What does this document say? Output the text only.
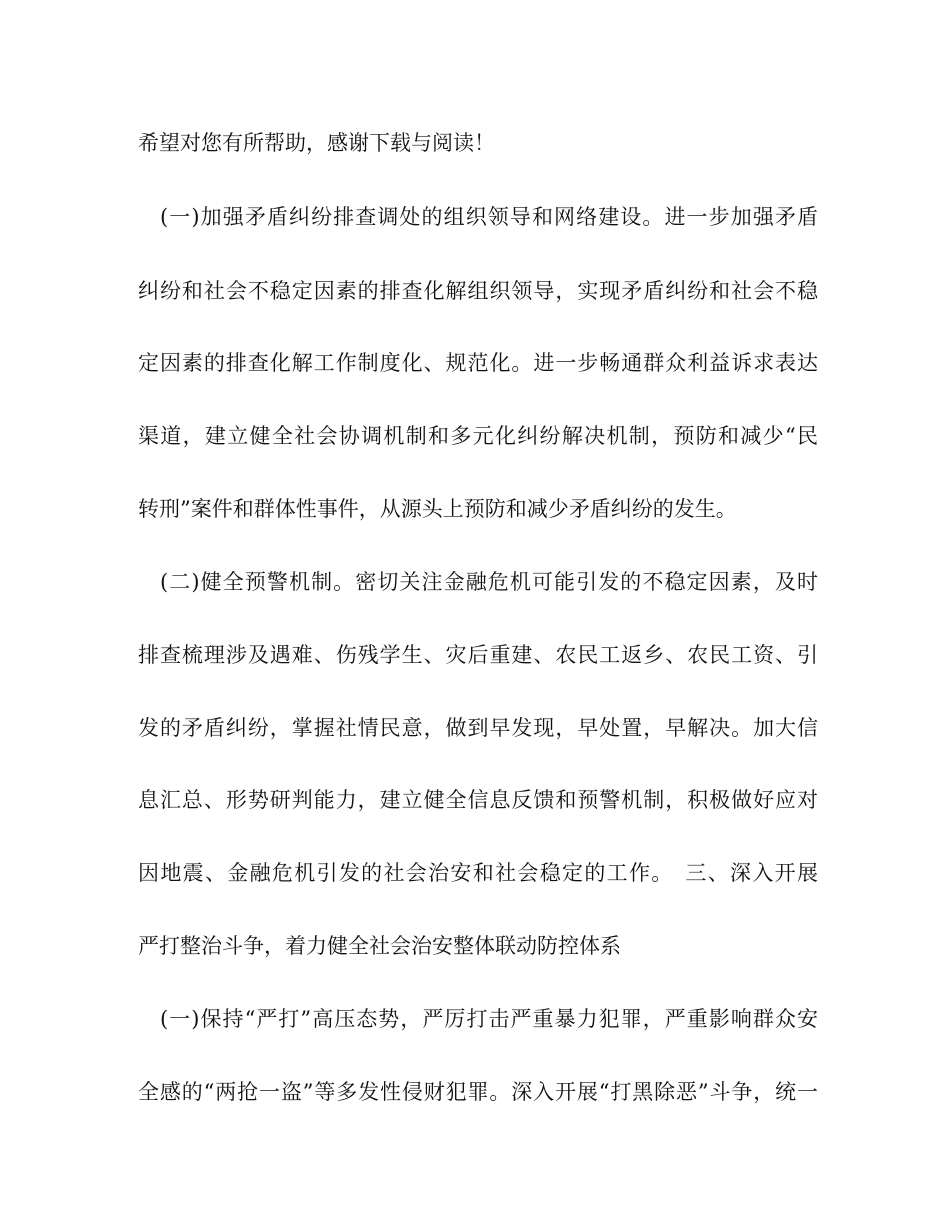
希望对您有所帮助，感谢下载与阅读！
(一)加强矛盾纠纷排查调处的组织领导和网络建设。进一步加强矛盾
纠纷和社会不稳定因素的排查化解组织领导，实现矛盾纠纷和社会不稳
定因素的排查化解工作制度化、规范化。进一步畅通群众利益诉求表达
渠道，建立健全社会协调机制和多元化纠纷解决机制，预防和减少“民
转刑”案件和群体性事件，从源头上预防和减少矛盾纠纷的发生。
(二)健全预警机制。密切关注金融危机可能引发的不稳定因素，及时
排查梳理涉及遇难、伤残学生、灾后重建、农民工返乡、农民工资、引
发的矛盾纠纷，掌握社情民意，做到早发现，早处置，早解决。加大信
息汇总、形势研判能力，建立健全信息反馈和预警机制，积极做好应对
因地震、金融危机引发的社会治安和社会稳定的工作。　三、深入开展
严打整治斗争，着力健全社会治安整体联动防控体系
(一)保持“严打”高压态势，严厉打击严重暴力犯罪，严重影响群众安
全感的“两抢一盗”等多发性侵财犯罪。深入开展“打黑除恶”斗争，统一
